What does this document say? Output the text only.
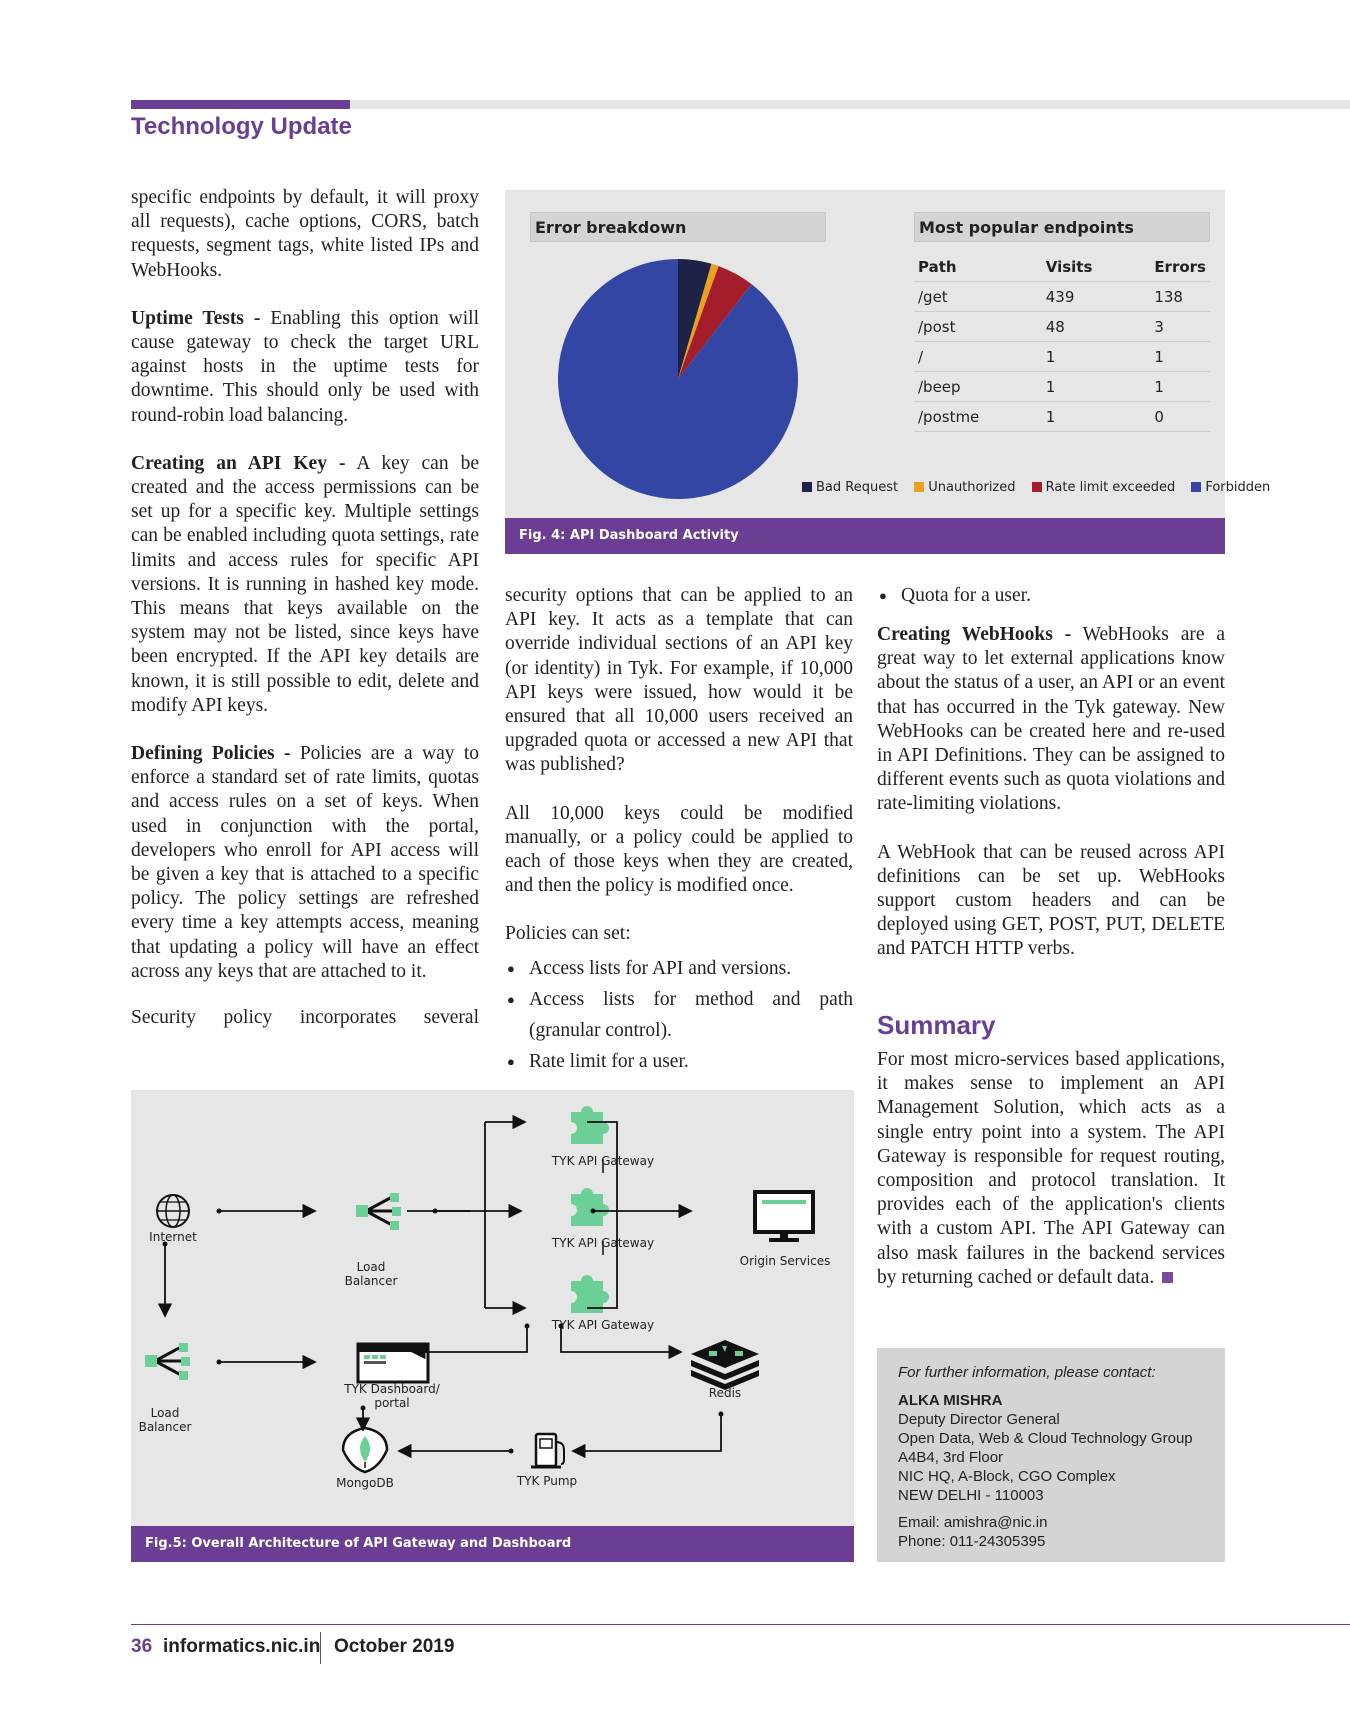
Technology Update

specific endpoints by default, it will proxy all requests), cache options, CORS, batch requests, segment tags, white listed IPs and WebHooks.

Uptime Tests - Enabling this option will cause gateway to check the target URL against hosts in the uptime tests for downtime. This should only be used with round-robin load balancing.

Creating an API Key - A key can be created and the access permissions can be set up for a specific key. Multiple settings can be enabled including quota settings, rate limits and access rules for specific API versions. It is running in hashed key mode. This means that keys available on the system may not be listed, since keys have been encrypted. If the API key details are known, it is still possible to edit, delete and modify API keys.

Defining Policies - Policies are a way to enforce a standard set of rate limits, quotas and access rules on a set of keys. When used in conjunction with the portal, developers who enroll for API access will be given a key that is attached to a specific policy. The policy settings are refreshed every time a key attempts access, meaning that updating a policy will have an effect across any keys that are attached to it.

Security policy incorporates several

Error breakdown	Most popular endpoints
Path	Visits	Errors
/get	439	138
/post	48	3
/	1	1
/beep	1	1
/postme	1	0
Bad Request Unauthorized Rate limit exceeded Forbidden
Fig. 4: API Dashboard Activity

security options that can be applied to an API key. It acts as a template that can override individual sections of an API key (or identity) in Tyk. For example, if 10,000 API keys were issued, how would it be ensured that all 10,000 users received an upgraded quota or accessed a new API that was published?

All 10,000 keys could be modified manually, or a policy could be applied to each of those keys when they are created, and then the policy is modified once.

Policies can set:

● Access lists for API and versions.
● Access lists for method and path (granular control).
● Rate limit for a user.
● Quota for a user.

Creating WebHooks - WebHooks are a great way to let external applications know about the status of a user, an API or an event that has occurred in the Tyk gateway. New WebHooks can be created here and re-used in API Definitions. They can be assigned to different events such as quota violations and rate-limiting violations.

A WebHook that can be reused across API definitions can be set up. WebHooks support custom headers and can be deployed using GET, POST, PUT, DELETE and PATCH HTTP verbs.

Summary

For most micro-services based applications, it makes sense to implement an API Management Solution, which acts as a single entry point into a system. The API Gateway is responsible for request routing, composition and protocol translation. It provides each of the application's clients with a custom API. The API Gateway can also mask failures in the backend services by returning cached or default data.

For further information, please contact:
ALKA MISHRA
Deputy Director General
Open Data, Web & Cloud Technology Group
A4B4, 3rd Floor
NIC HQ, A-Block, CGO Complex
NEW DELHI - 110003
Email: amishra@nic.in
Phone: 011-24305395
Internet
Load
Balancer
TYK API Gateway
TYK API Gateway
TYK API Gateway
Origin Services
Load
Balancer
TYK Dashboard/
portal
Redis
MongoDB	TYK Pump
Fig.5: Overall Architecture of API Gateway and Dashboard
36 informatics.nic.in October 2019
